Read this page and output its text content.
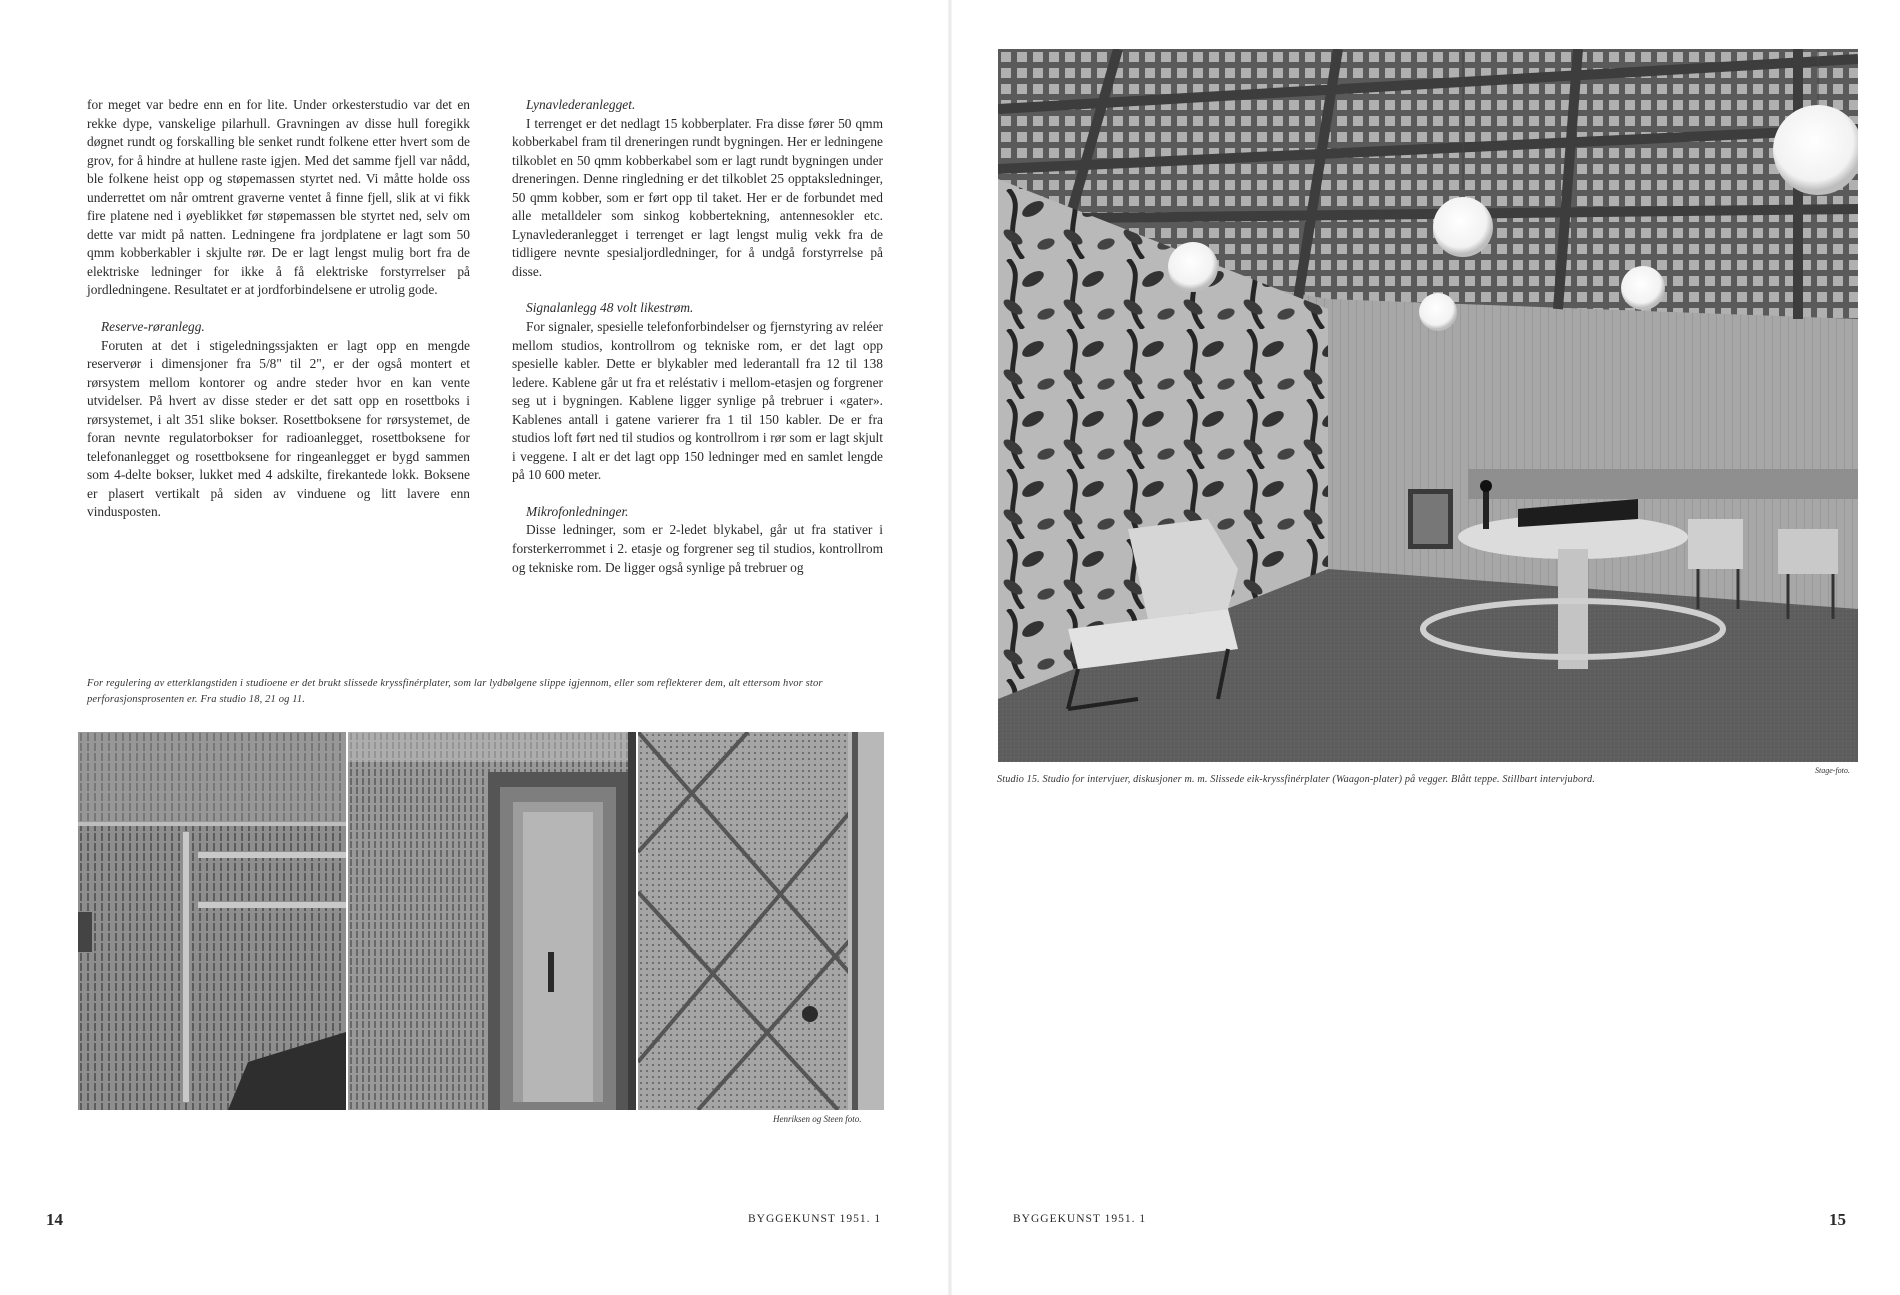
for meget var bedre enn en for lite. Under orkesterstudio var det en rekke dype, vanskelige pilarhull. Gravningen av disse hull foregikk døgnet rundt og forskalling ble senket rundt folkene etter hvert som de grov, for å hindre at hullene raste igjen. Med det samme fjell var nådd, ble folkene heist opp og støpemassen styrtet ned. Vi måtte holde oss underrettet om når omtrent graverne ventet å finne fjell, slik at vi fikk fire platene ned i øyeblikket før støpemassen ble styrtet ned, selv om dette var midt på natten. Ledningene fra jordplatene er lagt som 50 qmm kobberkabler i skjulte rør. De er lagt lengst mulig bort fra de elektriske ledninger for ikke å få elektriske forstyrrelser på jordledningene. Resultatet er at jordforbindelsene er utrolig gode.

Reserve-røranlegg.

Foruten at det i stigeledningssjakten er lagt opp en mengde reserverør i dimensjoner fra 5/8" til 2", er der også montert et rørsystem mellom kontorer og andre steder hvor en kan vente utvidelser. På hvert av disse steder er det satt opp en rosettboks i rørsystemet, i alt 351 slike bokser. Rosettboksene for rørsystemet, de foran nevnte regulatorbokser for radioanlegget, rosettboksene for telefonanlegget og rosettboksene for ringeanlegget er bygd sammen som 4-delte bokser, lukket med 4 adskilte, firekantede lokk. Boksene er plasert vertikalt på siden av vinduene og litt lavere enn vindusposten.

Lynavlederanlegget.

I terrenget er det nedlagt 15 kobberplater. Fra disse fører 50 qmm kobberkabel fram til dreneringen rundt bygningen. Her er ledningene tilkoblet en 50 qmm kobberkabel som er lagt rundt bygningen under dreneringen. Denne ringledning er det tilkoblet 25 opptaksledninger, 50 qmm kobber, som er ført opp til taket. Her er de forbundet med alle metalldeler som sinkog kobbertekning, antennesokler etc. Lynavlederanlegget i terrenget er lagt lengst mulig vekk fra de tidligere nevnte spesialjordledninger, for å undgå forstyrrelse på disse.

Signalanlegg 48 volt likestrøm.

For signaler, spesielle telefonforbindelser og fjernstyring av reléer mellom studios, kontrollrom og tekniske rom, er det lagt opp spesielle kabler. Dette er blykabler med lederantall fra 12 til 138 ledere. Kablene går ut fra et reléstativ i mellom-etasjen og forgrener seg ut i bygningen. Kablene ligger synlige på trebruer i «gater». Kablenes antall i gatene varierer fra 1 til 150 kabler. De er fra studios loft ført ned til studios og kontrollrom i rør som er lagt skjult i veggene. I alt er det lagt opp 150 ledninger med en samlet lengde på 10 600 meter.

Mikrofonledninger.

Disse ledninger, som er 2-ledet blykabel, går ut fra stativer i forsterkerrommet i 2. etasje og forgrener seg til studios, kontrollrom og tekniske rom. De ligger også synlige på trebruer og

For regulering av etterklangstiden i studioene er det brukt slissede kryssfinérplater, som lar lydbølgene slippe igjennom, eller som reflekterer dem, alt ettersom hvor stor perforasjonsprosenten er. Fra studio 18, 21 og 11.
Henriksen og Steen foto.
14	BYGGEKUNST 1951. 1
Studio 15. Studio for intervjuer, diskusjoner m. m. Slissede eik-kryssfinérplater (Waagon-plater) på vegger. Blått teppe. Stillbart intervjubord.
Stage-foto.
BYGGEKUNST 1951. 1	15
